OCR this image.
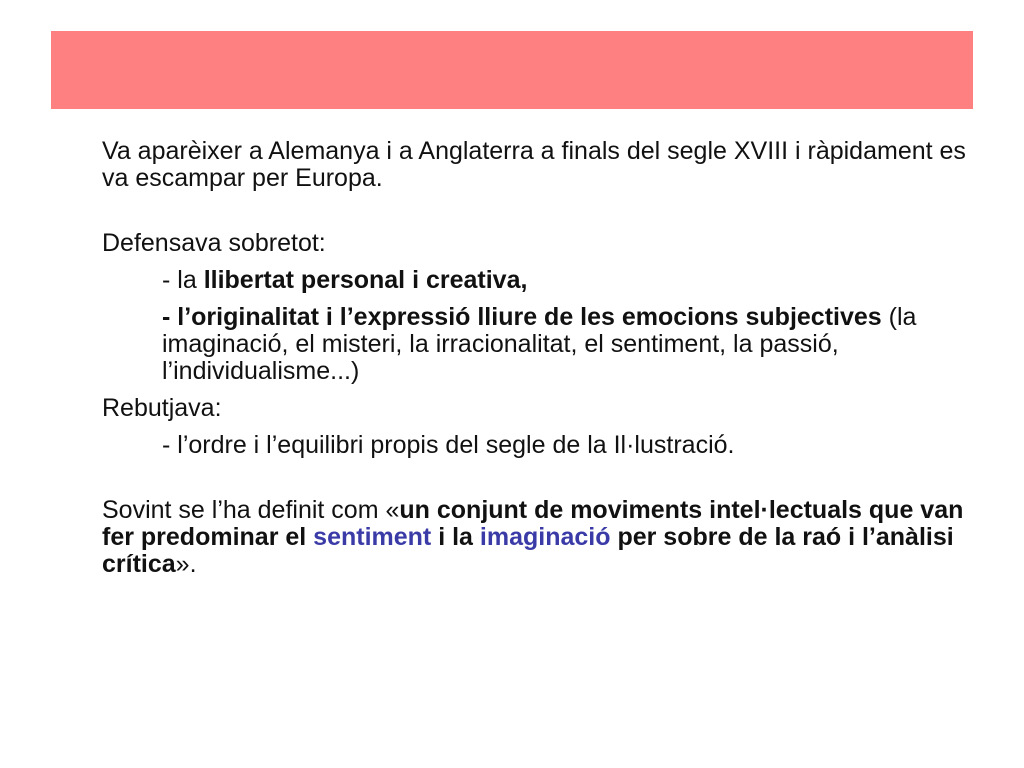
Va aparèixer a Alemanya i a Anglaterra a finals del segle XVIII i ràpidament es va escampar per Europa.

Defensava sobretot:

- la llibertat personal i creativa,

- l’originalitat i l’expressió lliure de les emocions subjectives (la imaginació, el misteri, la irracionalitat, el sentiment, la passió, l’individualisme...)

Rebutjava:

- l’ordre i l’equilibri propis del segle de la Il·lustració.

Sovint se l’ha definit com «un conjunt de moviments intel·lectuals que van fer predominar el sentiment i la imaginació per sobre de la raó i l’anàlisi crítica».
